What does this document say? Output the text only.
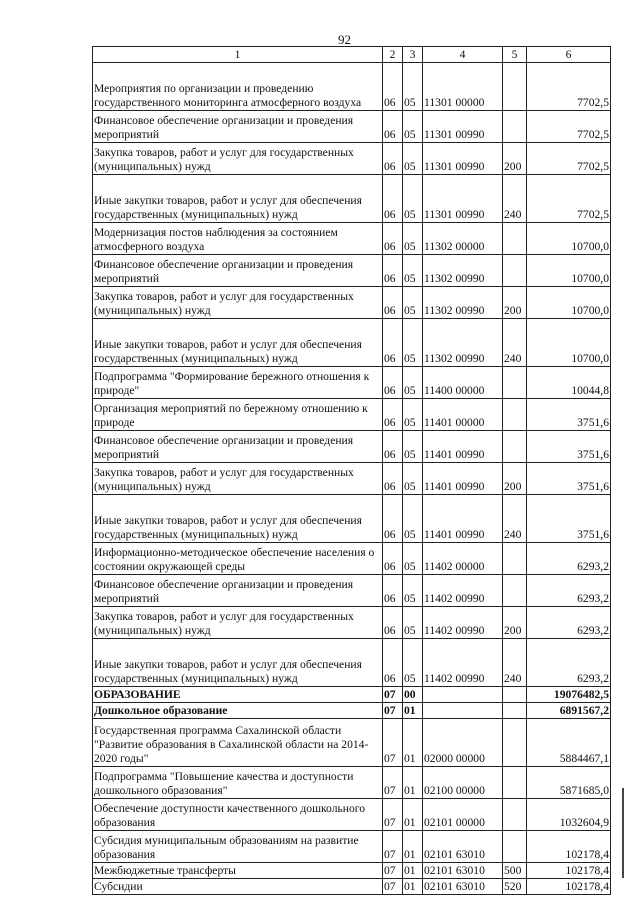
92
1	2	3	4	5	6
Мероприятия по организации и проведению государственного мониторинга атмосферного воздуха	06	05	11301 00000		7702,5
Финансовое обеспечение организации и проведения мероприятий	06	05	11301 00990		7702,5
Закупка товаров, работ и услуг для государственных (муниципальных) нужд	06	05	11301 00990	200	7702,5
Иные закупки товаров, работ и услуг для обеспечения государственных (муниципальных) нужд	06	05	11301 00990	240	7702,5
Модернизация постов наблюдения за состоянием атмосферного воздуха	06	05	11302 00000		10700,0
Финансовое обеспечение организации и проведения мероприятий	06	05	11302 00990		10700,0
Закупка товаров, работ и услуг для государственных (муниципальных) нужд	06	05	11302 00990	200	10700,0
Иные закупки товаров, работ и услуг для обеспечения государственных (муниципальных) нужд	06	05	11302 00990	240	10700,0
Подпрограмма "Формирование бережного отношения к природе"	06	05	11400 00000		10044,8
Организация мероприятий по бережному отношению к природе	06	05	11401 00000		3751,6
Финансовое обеспечение организации и проведения мероприятий	06	05	11401 00990		3751,6
Закупка товаров, работ и услуг для государственных (муниципальных) нужд	06	05	11401 00990	200	3751,6
Иные закупки товаров, работ и услуг для обеспечения государственных (муниципальных) нужд	06	05	11401 00990	240	3751,6
Информационно-методическое обеспечение населения о состоянии окружающей среды	06	05	11402 00000		6293,2
Финансовое обеспечение организации и проведения мероприятий	06	05	11402 00990		6293,2
Закупка товаров, работ и услуг для государственных (муниципальных) нужд	06	05	11402 00990	200	6293,2
Иные закупки товаров, работ и услуг для обеспечения государственных (муниципальных) нужд	06	05	11402 00990	240	6293,2
ОБРАЗОВАНИЕ	07	00			19076482,5
Дошкольное образование	07	01			6891567,2
Государственная программа Сахалинской области "Развитие образования в Сахалинской области на 2014-2020 годы"	07	01	02000 00000		5884467,1
Подпрограмма "Повышение качества и доступности дошкольного образования"	07	01	02100 00000		5871685,0
Обеспечение доступности качественного дошкольного образования	07	01	02101 00000		1032604,9
Субсидия муниципальным образованиям на развитие образования	07	01	02101 63010		102178,4
Межбюджетные трансферты	07	01	02101 63010	500	102178,4
Субсидии	07	01	02101 63010	520	102178,4
